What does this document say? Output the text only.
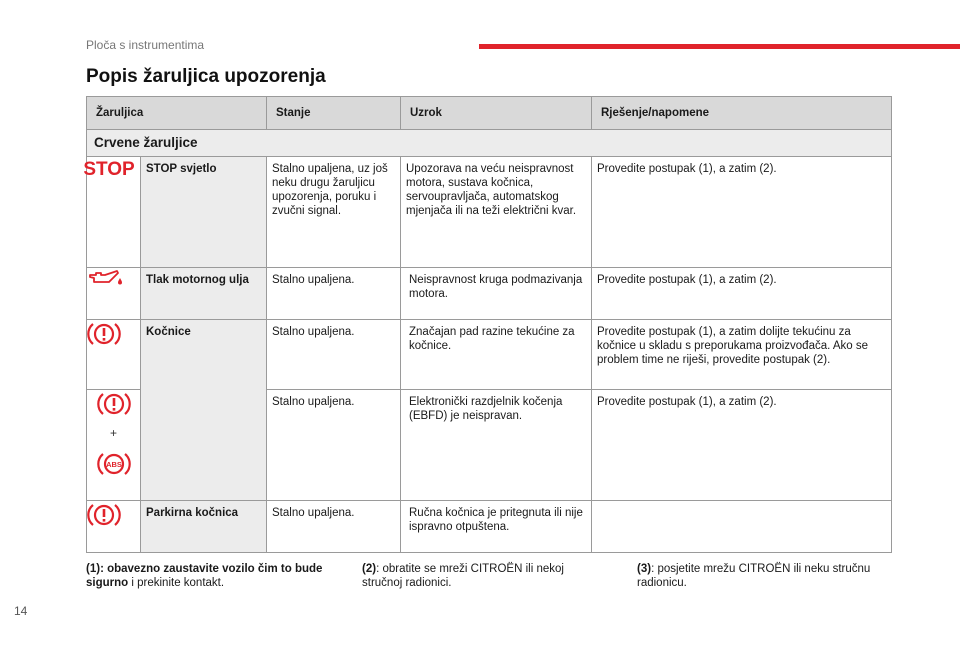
Ploča s instrumentima
Popis žaruljica upozorenja
Žaruljica		Stanje	Uzrok	Rješenje/napomene
Crvene žaruljice				

STOP	STOP svjetlo	Stalno upaljena, uz još neku drugu žaruljicu upozorenja, poruku i zvučni signal.	Upozorava na veću neispravnost motora, sustava kočnica, servoupravljača, automatskog mjenjača ili na teži električni kvar.	Provedite postupak (1), a zatim (2).
	Tlak motornog ulja	Stalno upaljena.	Neispravnost kruga podmazivanja motora.	Provedite postupak (1), a zatim (2).
	Kočnice	Stalno upaljena.	Značajan pad razine tekućine za kočnice.	Provedite postupak (1), a zatim dolijte tekućinu za kočnice u skladu s preporukama proizvođača. Ako se problem time ne riješi, provedite postupak (2).

+
ABS		Stalno upaljena.	Elektronički razdjelnik kočenja (EBFD) je neispravan.	Provedite postupak (1), a zatim (2).
	Parkirna kočnica	Stalno upaljena.	Ručna kočnica je pritegnuta ili nije ispravno otpuštena.	
(1): obavezno zaustavite vozilo čim to bude sigurno i prekinite kontakt.
(2): obratite se mreži CITROËN ili nekoj stručnoj radionici.
(3): posjetite mrežu CITROËN ili neku stručnu radionicu.
14
